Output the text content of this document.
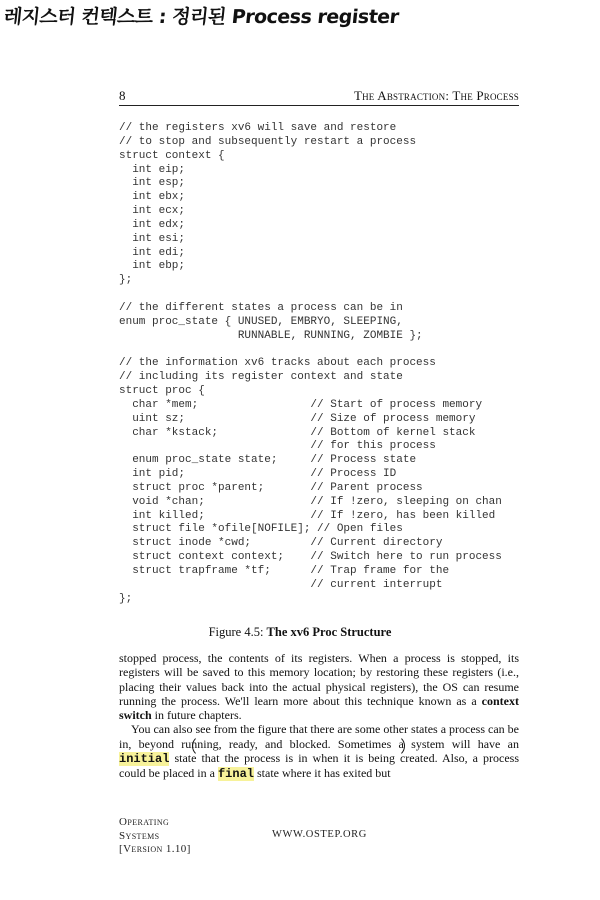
레지스터 컨텍스트 : 정리된 Process register
8	The Abstraction: The Process
// the registers xv6 will save and restore
// to stop and subsequently restart a process
struct context {
int eip;
int esp;
int ebx;
int ecx;
int edx;
int esi;
int edi;
int ebp;
};
// the different states a process can be in
enum proc_state { UNUSED, EMBRYO, SLEEPING,
RUNNABLE, RUNNING, ZOMBIE };
// the information xv6 tracks about each process
// including its register context and state
struct proc {
char *mem;                 // Start of process memory
uint sz;                   // Size of process memory
char *kstack;              // Bottom of kernel stack
// for this process
enum proc_state state;     // Process state
int pid;                   // Process ID
struct proc *parent;       // Parent process
void *chan;                // If !zero, sleeping on chan
int killed;                // If !zero, has been killed
struct file *ofile[NOFILE]; // Open files
struct inode *cwd;         // Current directory
struct context context;    // Switch here to run process
struct trapframe *tf;      // Trap frame for the
// current interrupt
};
Figure 4.5: The xv6 Proc Structure

stopped process, the contents of its registers. When a process is stopped, its registers will be saved to this memory location; by restoring these registers (i.e., placing their values back into the actual physical registers), the OS can resume running the process. We'll learn more about this technique known as a context switch in future chapters.

You can also see from the figure that there are some other states a process can be in, beyond running, ready, and blocked. Sometimes a system will have an initial state that the process is in when it is being created. Also, a process could be placed in a final state where it has exited but

Operating
Systems
[Version 1.10]
WWW.OSTEP.ORG
